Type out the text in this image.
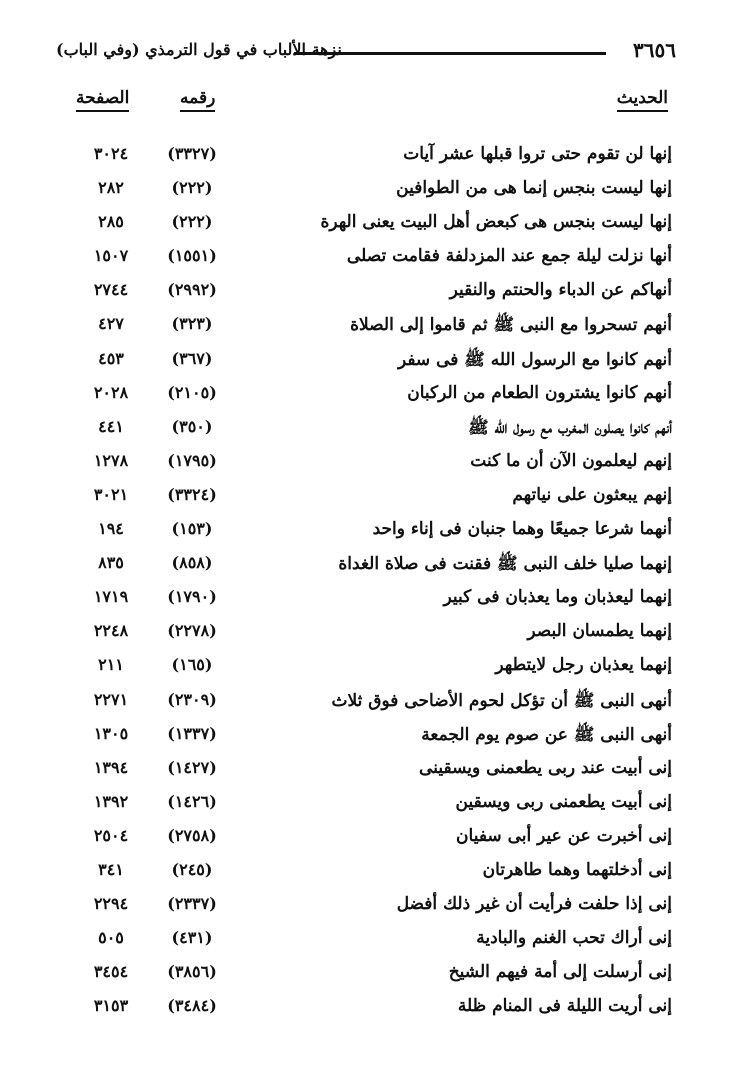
٣٦٥٦
نزهة الألباب في قول الترمذي (وفي الباب)
الحديث
رقمه
الصفحة
إنها لن تقوم حتى تروا قبلها عشر آيات
(٣٣٢٧)
٣٠٢٤
إنها ليست بنجس إنما هى من الطوافين
(٢٢٢)
٢٨٢
إنها ليست بنجس هى كبعض أهل البيت يعنى الهرة
(٢٢٢)
٢٨٥
أنها نزلت ليلة جمع عند المزدلفة فقامت تصلى
(١٥٥١)
١٥٠٧
أنهاكم عن الدباء والحنتم والنقير
(٢٩٩٢)
٢٧٤٤
أنهم تسحروا مع النبى ﷺ ثم قاموا إلى الصلاة
(٣٢٣)
٤٢٧
أنهم كانوا مع الرسول الله ﷺ فى سفر
(٣٦٧)
٤٥٣
أنهم كانوا يشترون الطعام من الركبان
(٢١٠٥)
٢٠٢٨
أنهم كانوا يصلون المغرب مع رسول الله ﷺ
(٣٥٠)
٤٤١
إنهم ليعلمون الآن أن ما كنت
(١٧٩٥)
١٢٧٨
إنهم يبعثون على نياتهم
(٣٣٢٤)
٣٠٢١
أنهما شرعا جميعًا وهما جنبان فى إناء واحد
(١٥٣)
١٩٤
إنهما صليا خلف النبى ﷺ فقنت فى صلاة الغداة
(٨٥٨)
٨٣٥
إنهما ليعذبان وما يعذبان فى كبير
(١٧٩٠)
١٧١٩
إنهما يطمسان البصر
(٢٢٧٨)
٢٢٤٨
إنهما يعذبان رجل لايتطهر
(١٦٥)
٢١١
أنهى النبى ﷺ أن تؤكل لحوم الأضاحى فوق ثلاث
(٢٣٠٩)
٢٢٧١
أنهى النبى ﷺ عن صوم يوم الجمعة
(١٣٣٧)
١٣٠٥
إنى أبيت عند ربى يطعمنى ويسقينى
(١٤٢٧)
١٣٩٤
إنى أبيت يطعمنى ربى ويسقين
(١٤٢٦)
١٣٩٢
إنى أخبرت عن عير أبى سفيان
(٢٧٥٨)
٢٥٠٤
إنى أدخلتهما وهما طاهرتان
(٢٤٥)
٣٤١
إنى إذا حلفت فرأيت أن غير ذلك أفضل
(٢٣٣٧)
٢٢٩٤
إنى أراك تحب الغنم والبادية
(٤٣١)
٥٠٥
إنى أرسلت إلى أمة فيهم الشيخ
(٣٨٥٦)
٣٤٥٤
إنى أريت الليلة فى المنام ظلة
(٣٤٨٤)
٣١٥٣
